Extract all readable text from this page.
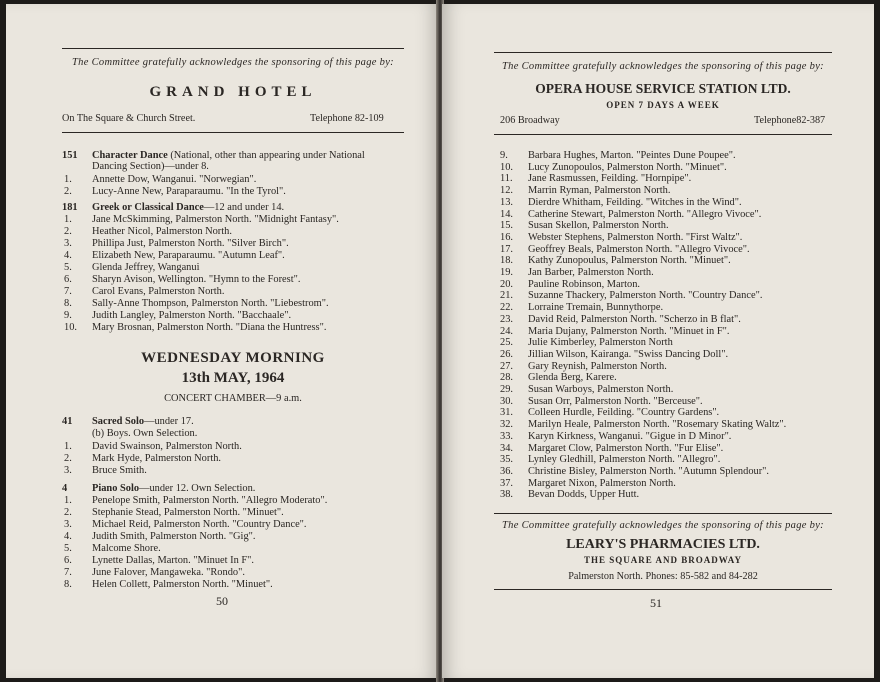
The Committee gratefully acknowledges the sponsoring of this page by:
GRAND HOTEL
On The Square & Church Street.	Telephone 82-109
151 Character Dance (National, other than appearing under National
Dancing Section)—under 8.
1. Annette Dow, Wanganui. "Norwegian".
2. Lucy-Anne New, Paraparaumu. "In the Tyrol".
181 Greek or Classical Dance—12 and under 14.
1. Jane McSkimming, Palmerston North. "Midnight Fantasy".
2. Heather Nicol, Palmerston North.
3. Phillipa Just, Palmerston North. "Silver Birch".
4. Elizabeth New, Paraparaumu. "Autumn Leaf".
5. Glenda Jeffrey, Wanganui
6. Sharyn Avison, Wellington. "Hymn to the Forest".
7. Carol Evans, Palmerston North.
8. Sally-Anne Thompson, Palmerston North. "Liebestrom".
9. Judith Langley, Palmerston North. "Bacchaale".
10. Mary Brosnan, Palmerston North. "Diana the Huntress".
WEDNESDAY MORNING
13th MAY, 1964
CONCERT CHAMBER—9 a.m.
41 Sacred Solo—under 17.
(b) Boys. Own Selection.
1. David Swainson, Palmerston North.
2. Mark Hyde, Palmerston North.
3. Bruce Smith.
4 Piano Solo—under 12. Own Selection.
1. Penelope Smith, Palmerston North. "Allegro Moderato".
2. Stephanie Stead, Palmerston North. "Minuet".
3. Michael Reid, Palmerston North. "Country Dance".
4. Judith Smith, Palmerston North. "Gig".
5. Malcome Shore.
6. Lynette Dallas, Marton. "Minuet In F".
7. June Falover, Mangaweka. "Rondo".
8. Helen Collett, Palmerston North. "Minuet".
50
The Committee gratefully acknowledges the sponsoring of this page by:
OPERA HOUSE SERVICE STATION LTD.
OPEN 7 DAYS A WEEK
206 Broadway	Telephone82-387
9. Barbara Hughes, Marton. "Peintes Dune Poupee".
10. Lucy Zunopoulos, Palmerston North. "Minuet".
11. Jane Rasmussen, Feilding. "Hornpipe".
12. Marrin Ryman, Palmerston North.
13. Dierdre Whitham, Feilding. "Witches in the Wind".
14. Catherine Stewart, Palmerston North. "Allegro Vivoce".
15. Susan Skellon, Palmerston North.
16. Webster Stephens, Palmerston North. "First Waltz".
17. Geoffrey Beals, Palmerston North. "Allegro Vivoce".
18. Kathy Zunopoulus, Palmerston North. "Minuet".
19. Jan Barber, Palmerston North.
20. Pauline Robinson, Marton.
21. Suzanne Thackery, Palmerston North. "Country Dance".
22. Lorraine Tremain, Bunnythorpe.
23. David Reid, Palmerston North. "Scherzo in B flat".
24. Maria Dujany, Palmerston North. "Minuet in F".
25. Julie Kimberley, Palmerston North
26. Jillian Wilson, Kairanga. "Swiss Dancing Doll".
27. Gary Reynish, Palmerston North.
28. Glenda Berg, Karere.
29. Susan Warboys, Palmerston North.
30. Susan Orr, Palmerston North. "Berceuse".
31. Colleen Hurdle, Feilding. "Country Gardens".
32. Marilyn Heale, Palmerston North. "Rosemary Skating Waltz".
33. Karyn Kirkness, Wanganui. "Gigue in D Minor".
34. Margaret Clow, Palmerston North. "Fur Elise".
35. Lynley Gledhill, Palmerston North. "Allegro".
36. Christine Bisley, Palmerston North. "Autumn Splendour".
37. Margaret Nixon, Palmerston North.
38. Bevan Dodds, Upper Hutt.
The Committee gratefully acknowledges the sponsoring of this page by:
LEARY'S PHARMACIES LTD.
THE SQUARE AND BROADWAY
Palmerston North. Phones: 85-582 and 84-282
51
